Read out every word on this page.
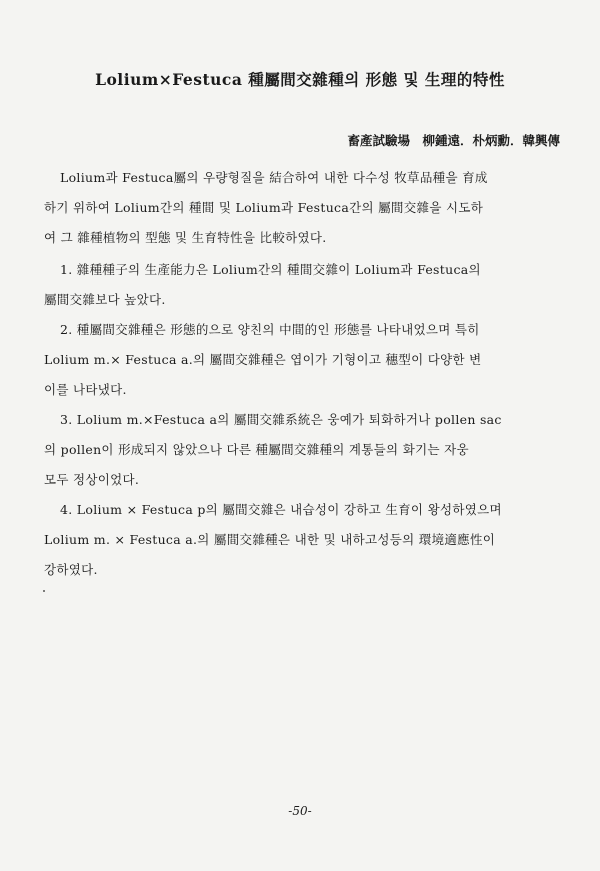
Lolium×Festuca 種屬間交雜種의 形態 및 生理的特性
畜產試驗場　柳鍾遠．朴炳勳．韓興傳
Lolium과 Festuca屬의 우량형질을 結合하여 내한 다수성 牧草品種을 育成
하기 위하여 Lolium간의 種間 및 Lolium과 Festuca간의 屬間交雜을 시도하
여 그 雜種植物의 型態 및 生育特性을 比較하였다.
1. 雜種種子의 生產能力은 Lolium간의 種間交雜이 Lolium과 Festuca의
屬間交雜보다 높았다.
2. 種屬間交雜種은 形態的으로 양친의 中間的인 形態를 나타내었으며 특히
Lolium m.× Festuca a.의 屬間交雜種은 엽이가 기형이고 穗型이 다양한 변
이를 나타냈다.
3. Lolium m.×Festuca a의 屬間交雜系統은 웅예가 퇴화하거나 pollen sac
의 pollen이 形成되지 않았으나 다른 種屬間交雜種의 계통들의 화기는 자웅
모두 정상이었다.
4. Lolium × Festuca p의 屬間交雜은 내습성이 강하고 生育이 왕성하였으며
Lolium m. × Festuca a.의 屬間交雜種은 내한 및 내하고성등의 環境適應性이
강하였다.
-50-
